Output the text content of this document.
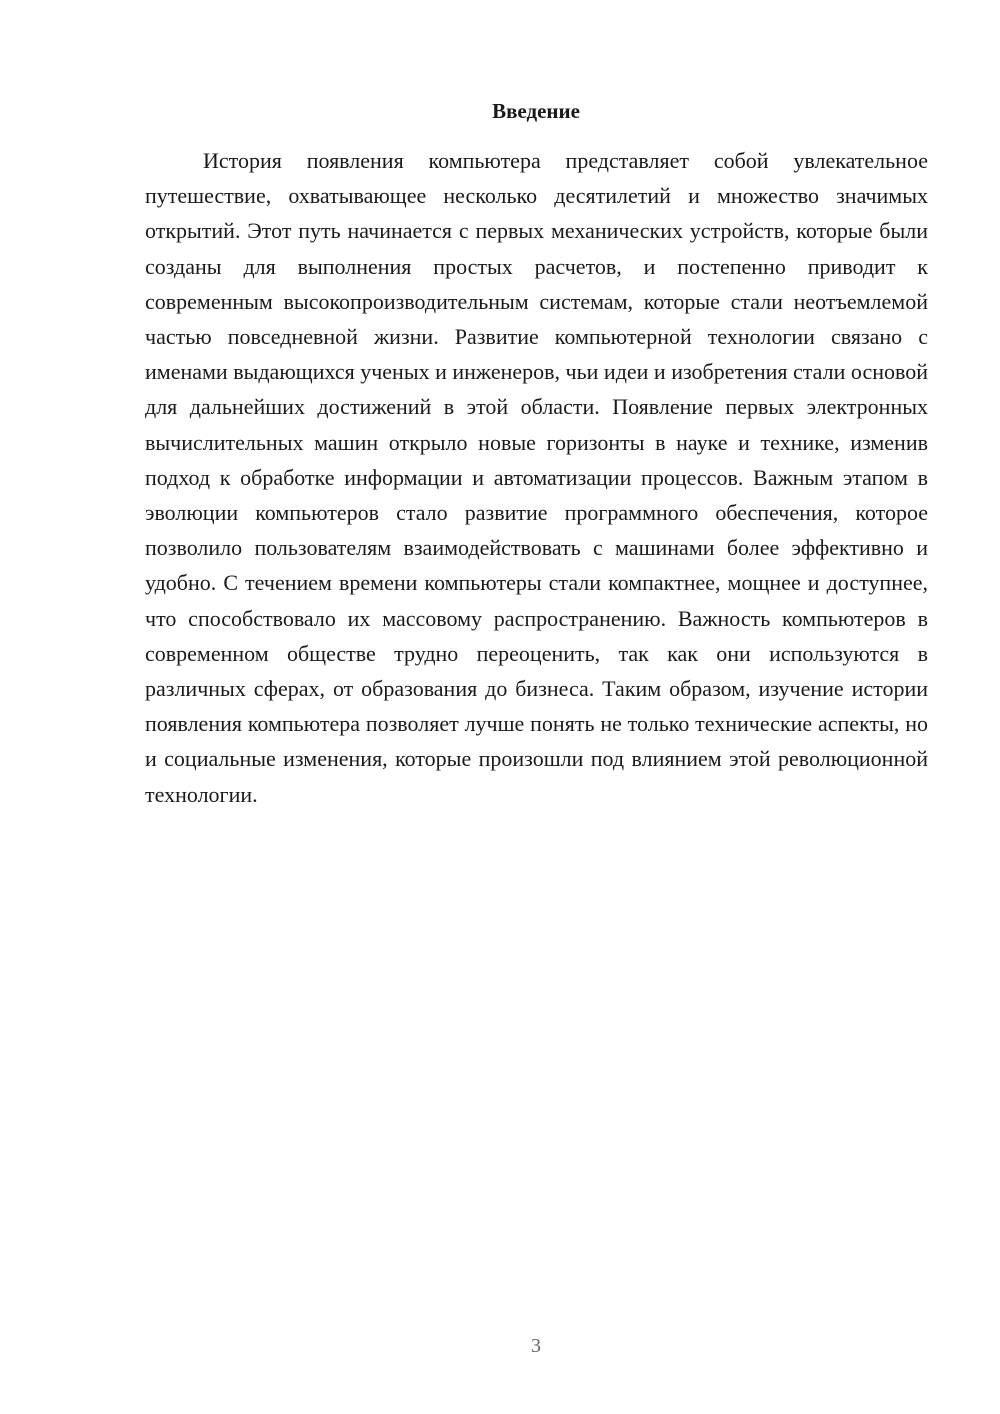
Введение

История появления компьютера представляет собой увлекательное путешествие, охватывающее несколько десятилетий и множество значимых открытий. Этот путь начинается с первых механических устройств, которые были созданы для выполнения простых расчетов, и постепенно приводит к современным высокопроизводительным системам, которые стали неотъемлемой частью повседневной жизни. Развитие компьютерной технологии связано с именами выдающихся ученых и инженеров, чьи идеи и изобретения стали основой для дальнейших достижений в этой области. Появление первых электронных вычислительных машин открыло новые горизонты в науке и технике, изменив подход к обработке информации и автоматизации процессов. Важным этапом в эволюции компьютеров стало развитие программного обеспечения, которое позволило пользователям взаимодействовать с машинами более эффективно и удобно. С течением времени компьютеры стали компактнее, мощнее и доступнее, что способствовало их массовому распространению. Важность компьютеров в современном обществе трудно переоценить, так как они используются в различных сферах, от образования до бизнеса. Таким образом, изучение истории появления компьютера позволяет лучше понять не только технические аспекты, но и социальные изменения, которые произошли под влиянием этой революционной технологии.

3
